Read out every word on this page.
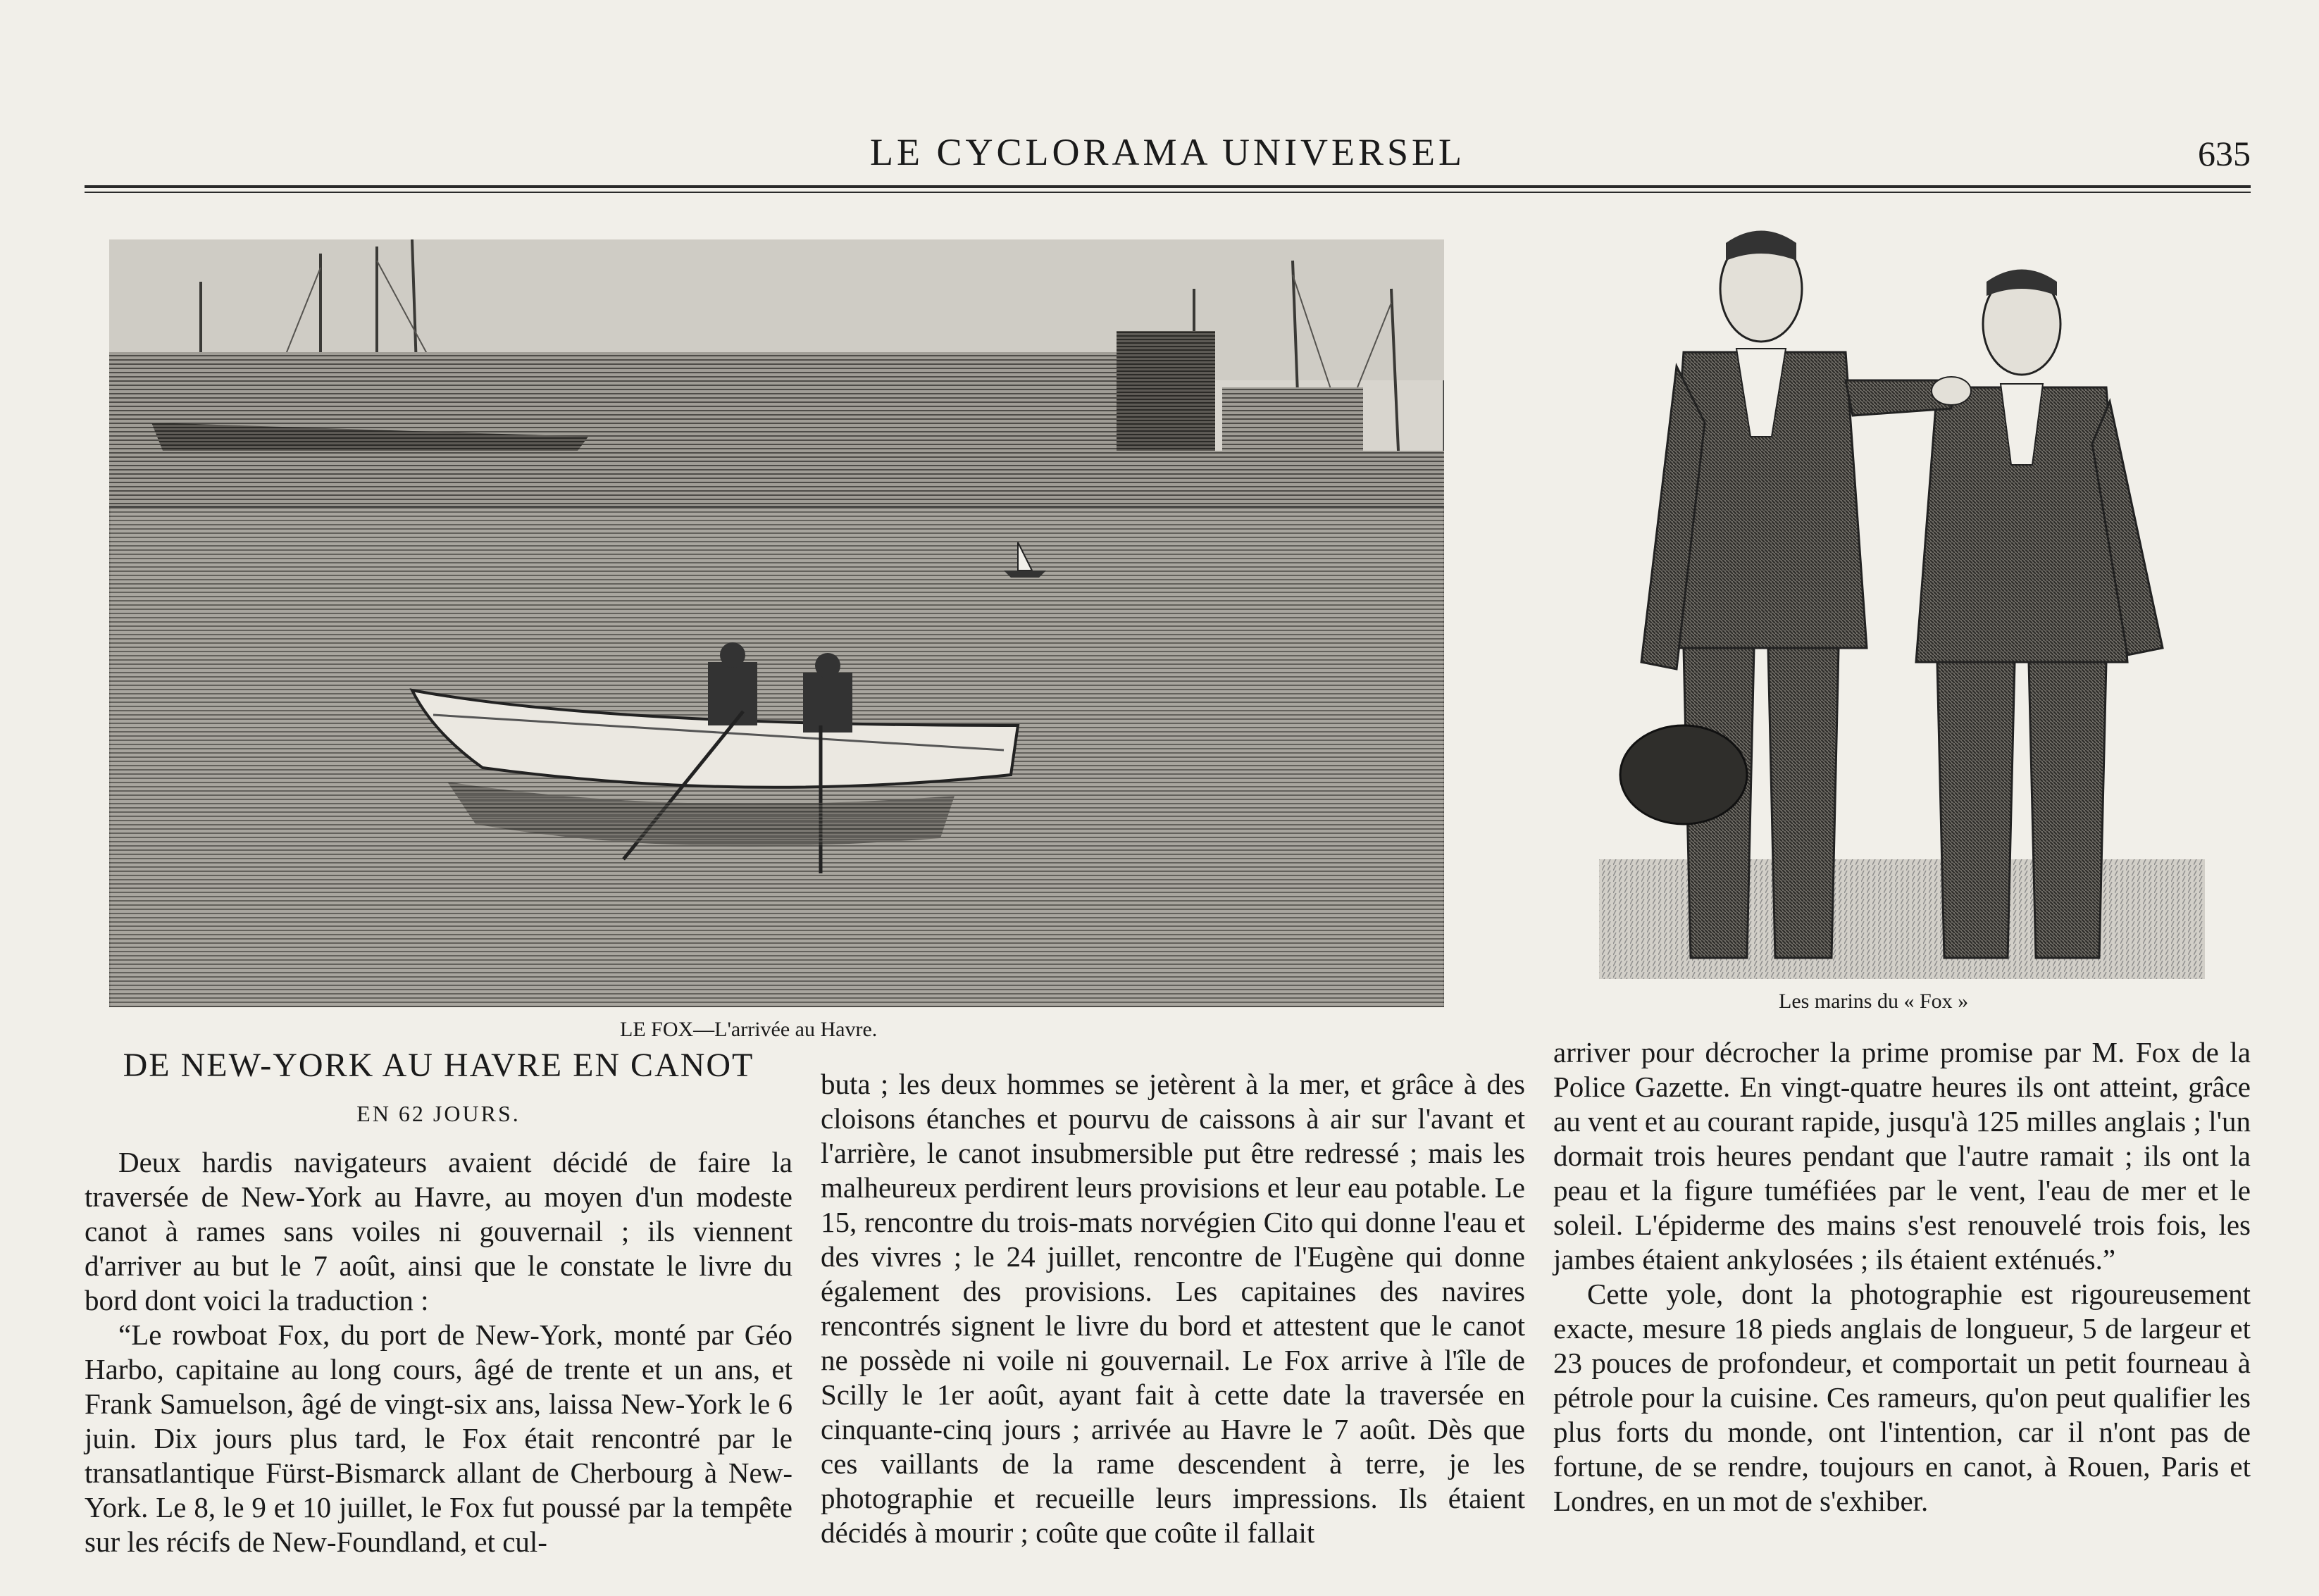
LE CYCLORAMA UNIVERSEL	635
LE FOX—L'arrivée au Havre.
Les marins du « Fox »
DE NEW-YORK AU HAVRE EN CANOT
EN 62 JOURS.

Deux hardis navigateurs avaient décidé de faire la traversée de New-York au Havre, au moyen d'un modeste canot à rames sans voiles ni gouvernail ; ils viennent d'arriver au but le 7 août, ainsi que le constate le livre du bord dont voici la traduction :

“Le rowboat Fox, du port de New-York, monté par Géo Harbo, capitaine au long cours, âgé de trente et un ans, et Frank Samuelson, âgé de vingt-six ans, laissa New-York le 6 juin. Dix jours plus tard, le Fox était rencontré par le transatlantique Fürst-Bismarck allant de Cherbourg à New-York. Le 8, le 9 et 10 juillet, le Fox fut poussé par la tempête sur les récifs de New-Foundland, et cul-

buta ; les deux hommes se jetèrent à la mer, et grâce à des cloisons étanches et pourvu de caissons à air sur l'avant et l'arrière, le canot insubmersible put être redressé ; mais les malheureux perdirent leurs provisions et leur eau potable. Le 15, rencontre du trois-mats norvégien Cito qui donne l'eau et des vivres ; le 24 juillet, rencontre de l'Eugène qui donne également des provisions. Les capitaines des navires rencontrés signent le livre du bord et attestent que le canot ne possède ni voile ni gouvernail. Le Fox arrive à l'île de Scilly le 1er août, ayant fait à cette date la traversée en cinquante-cinq jours ; arrivée au Havre le 7 août. Dès que ces vaillants de la rame descendent à terre, je les photographie et recueille leurs impressions. Ils étaient décidés à mourir ; coûte que coûte il fallait

arriver pour décrocher la prime promise par M. Fox de la Police Gazette. En vingt-quatre heures ils ont atteint, grâce au vent et au courant rapide, jusqu'à 125 milles anglais ; l'un dormait trois heures pendant que l'autre ramait ; ils ont la peau et la figure tuméfiées par le vent, l'eau de mer et le soleil. L'épiderme des mains s'est renouvelé trois fois, les jambes étaient ankylosées ; ils étaient exténués.”

Cette yole, dont la photographie est rigoureusement exacte, mesure 18 pieds anglais de longueur, 5 de largeur et 23 pouces de profondeur, et comportait un petit fourneau à pétrole pour la cuisine. Ces rameurs, qu'on peut qualifier les plus forts du monde, ont l'intention, car il n'ont pas de fortune, de se rendre, toujours en canot, à Rouen, Paris et Londres, en un mot de s'exhiber.
